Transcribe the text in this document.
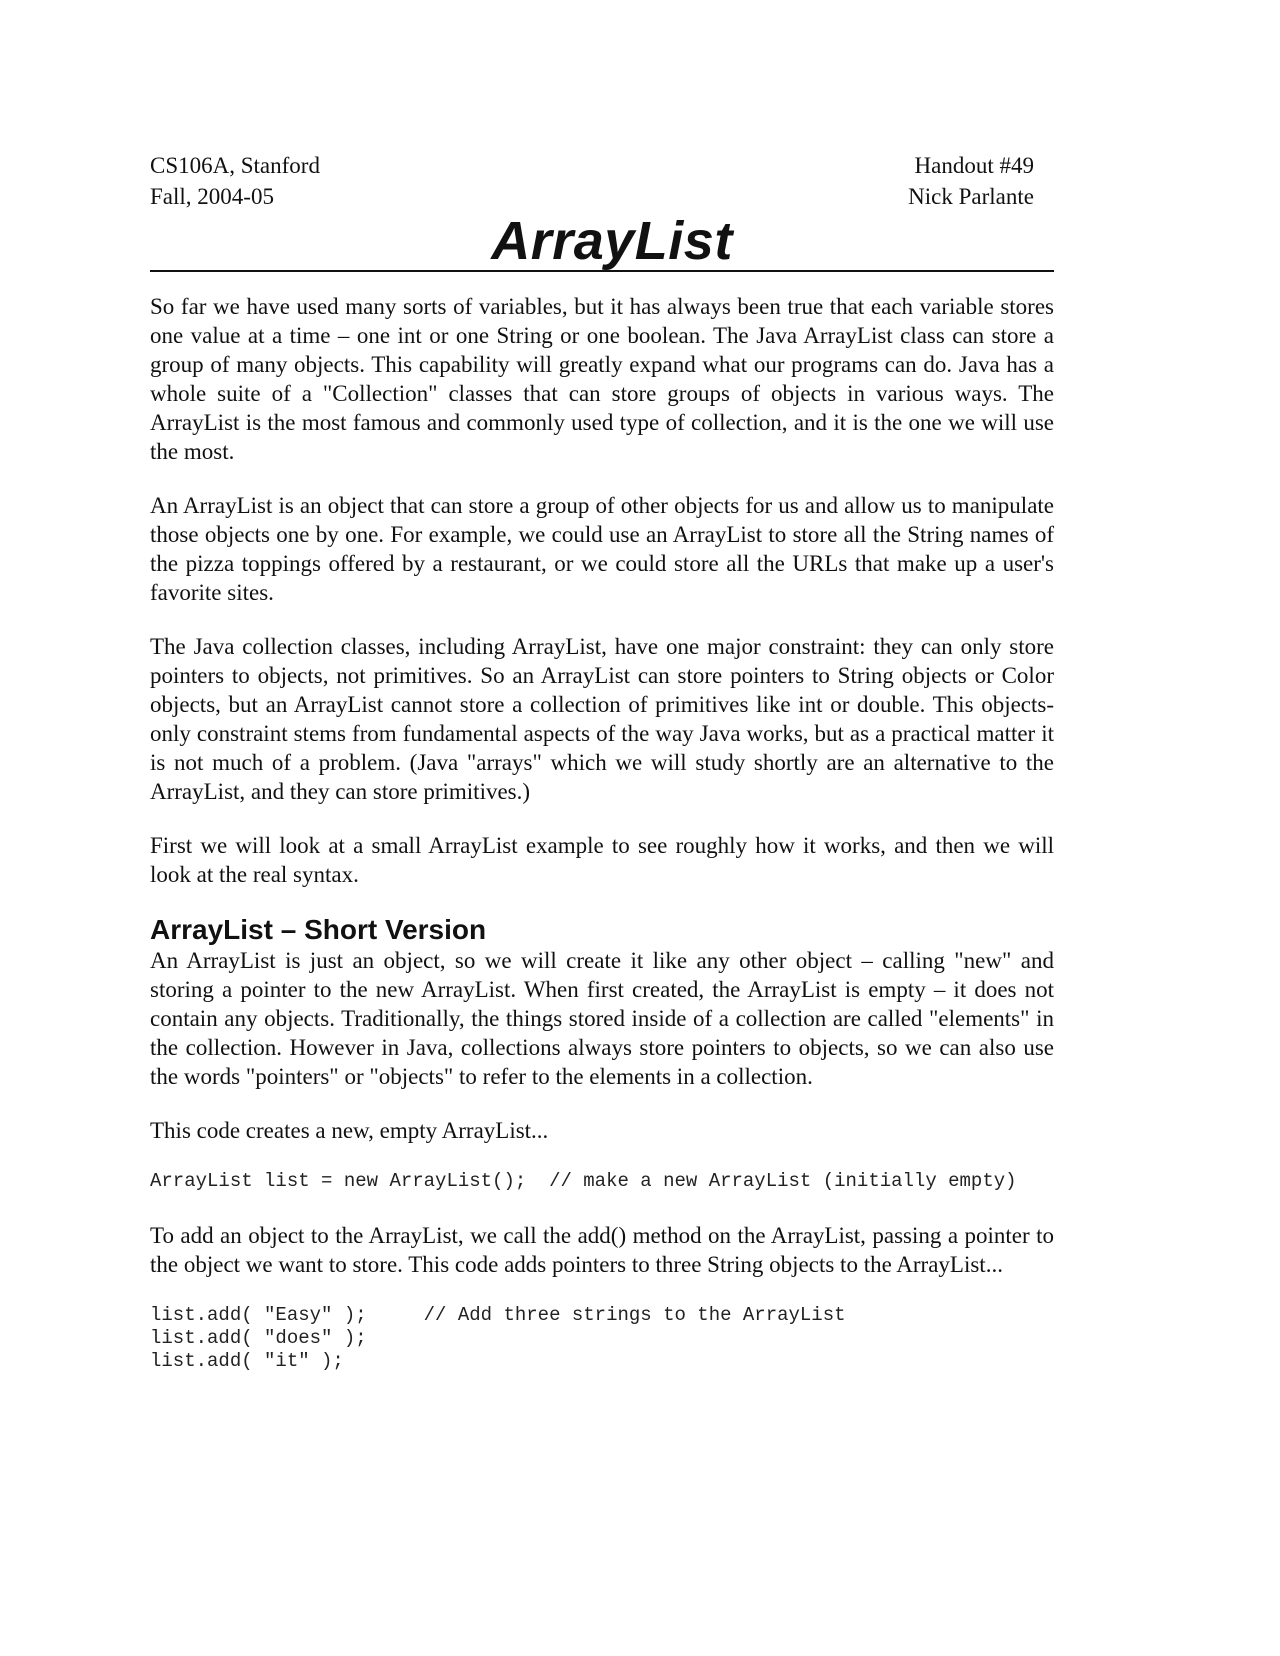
CS106A, Stanford	Handout #49
Fall, 2004-05	Nick Parlante
ArrayList

So far we have used many sorts of variables, but it has always been true that each variable stores one value at a time – one int or one String or one boolean. The Java ArrayList class can store a group of many objects. This capability will greatly expand what our programs can do. Java has a whole suite of a "Collection" classes that can store groups of objects in various ways. The ArrayList is the most famous and commonly used type of collection, and it is the one we will use the most.

An ArrayList is an object that can store a group of other objects for us and allow us to manipulate those objects one by one. For example, we could use an ArrayList to store all the String names of the pizza toppings offered by a restaurant, or we could store all the URLs that make up a user's favorite sites.

The Java collection classes, including ArrayList, have one major constraint: they can only store pointers to objects, not primitives. So an ArrayList can store pointers to String objects or Color objects, but an ArrayList cannot store a collection of primitives like int or double. This objects-only constraint stems from fundamental aspects of the way Java works, but as a practical matter it is not much of a problem. (Java "arrays" which we will study shortly are an alternative to the ArrayList, and they can store primitives.)

First we will look at a small ArrayList example to see roughly how it works, and then we will look at the real syntax.

ArrayList – Short Version

An ArrayList is just an object, so we will create it like any other object – calling "new" and storing a pointer to the new ArrayList. When first created, the ArrayList is empty – it does not contain any objects. Traditionally, the things stored inside of a collection are called "elements" in the collection. However in Java, collections always store pointers to objects, so we can also use the words "pointers" or "objects" to refer to the elements in a collection.

This code creates a new, empty ArrayList...

ArrayList list = new ArrayList();  // make a new ArrayList (initially empty)

To add an object to the ArrayList, we call the add() method on the ArrayList, passing a pointer to the object we want to store. This code adds pointers to three String objects to the ArrayList...

list.add( "Easy" );     // Add three strings to the ArrayList
list.add( "does" );
list.add( "it" );
